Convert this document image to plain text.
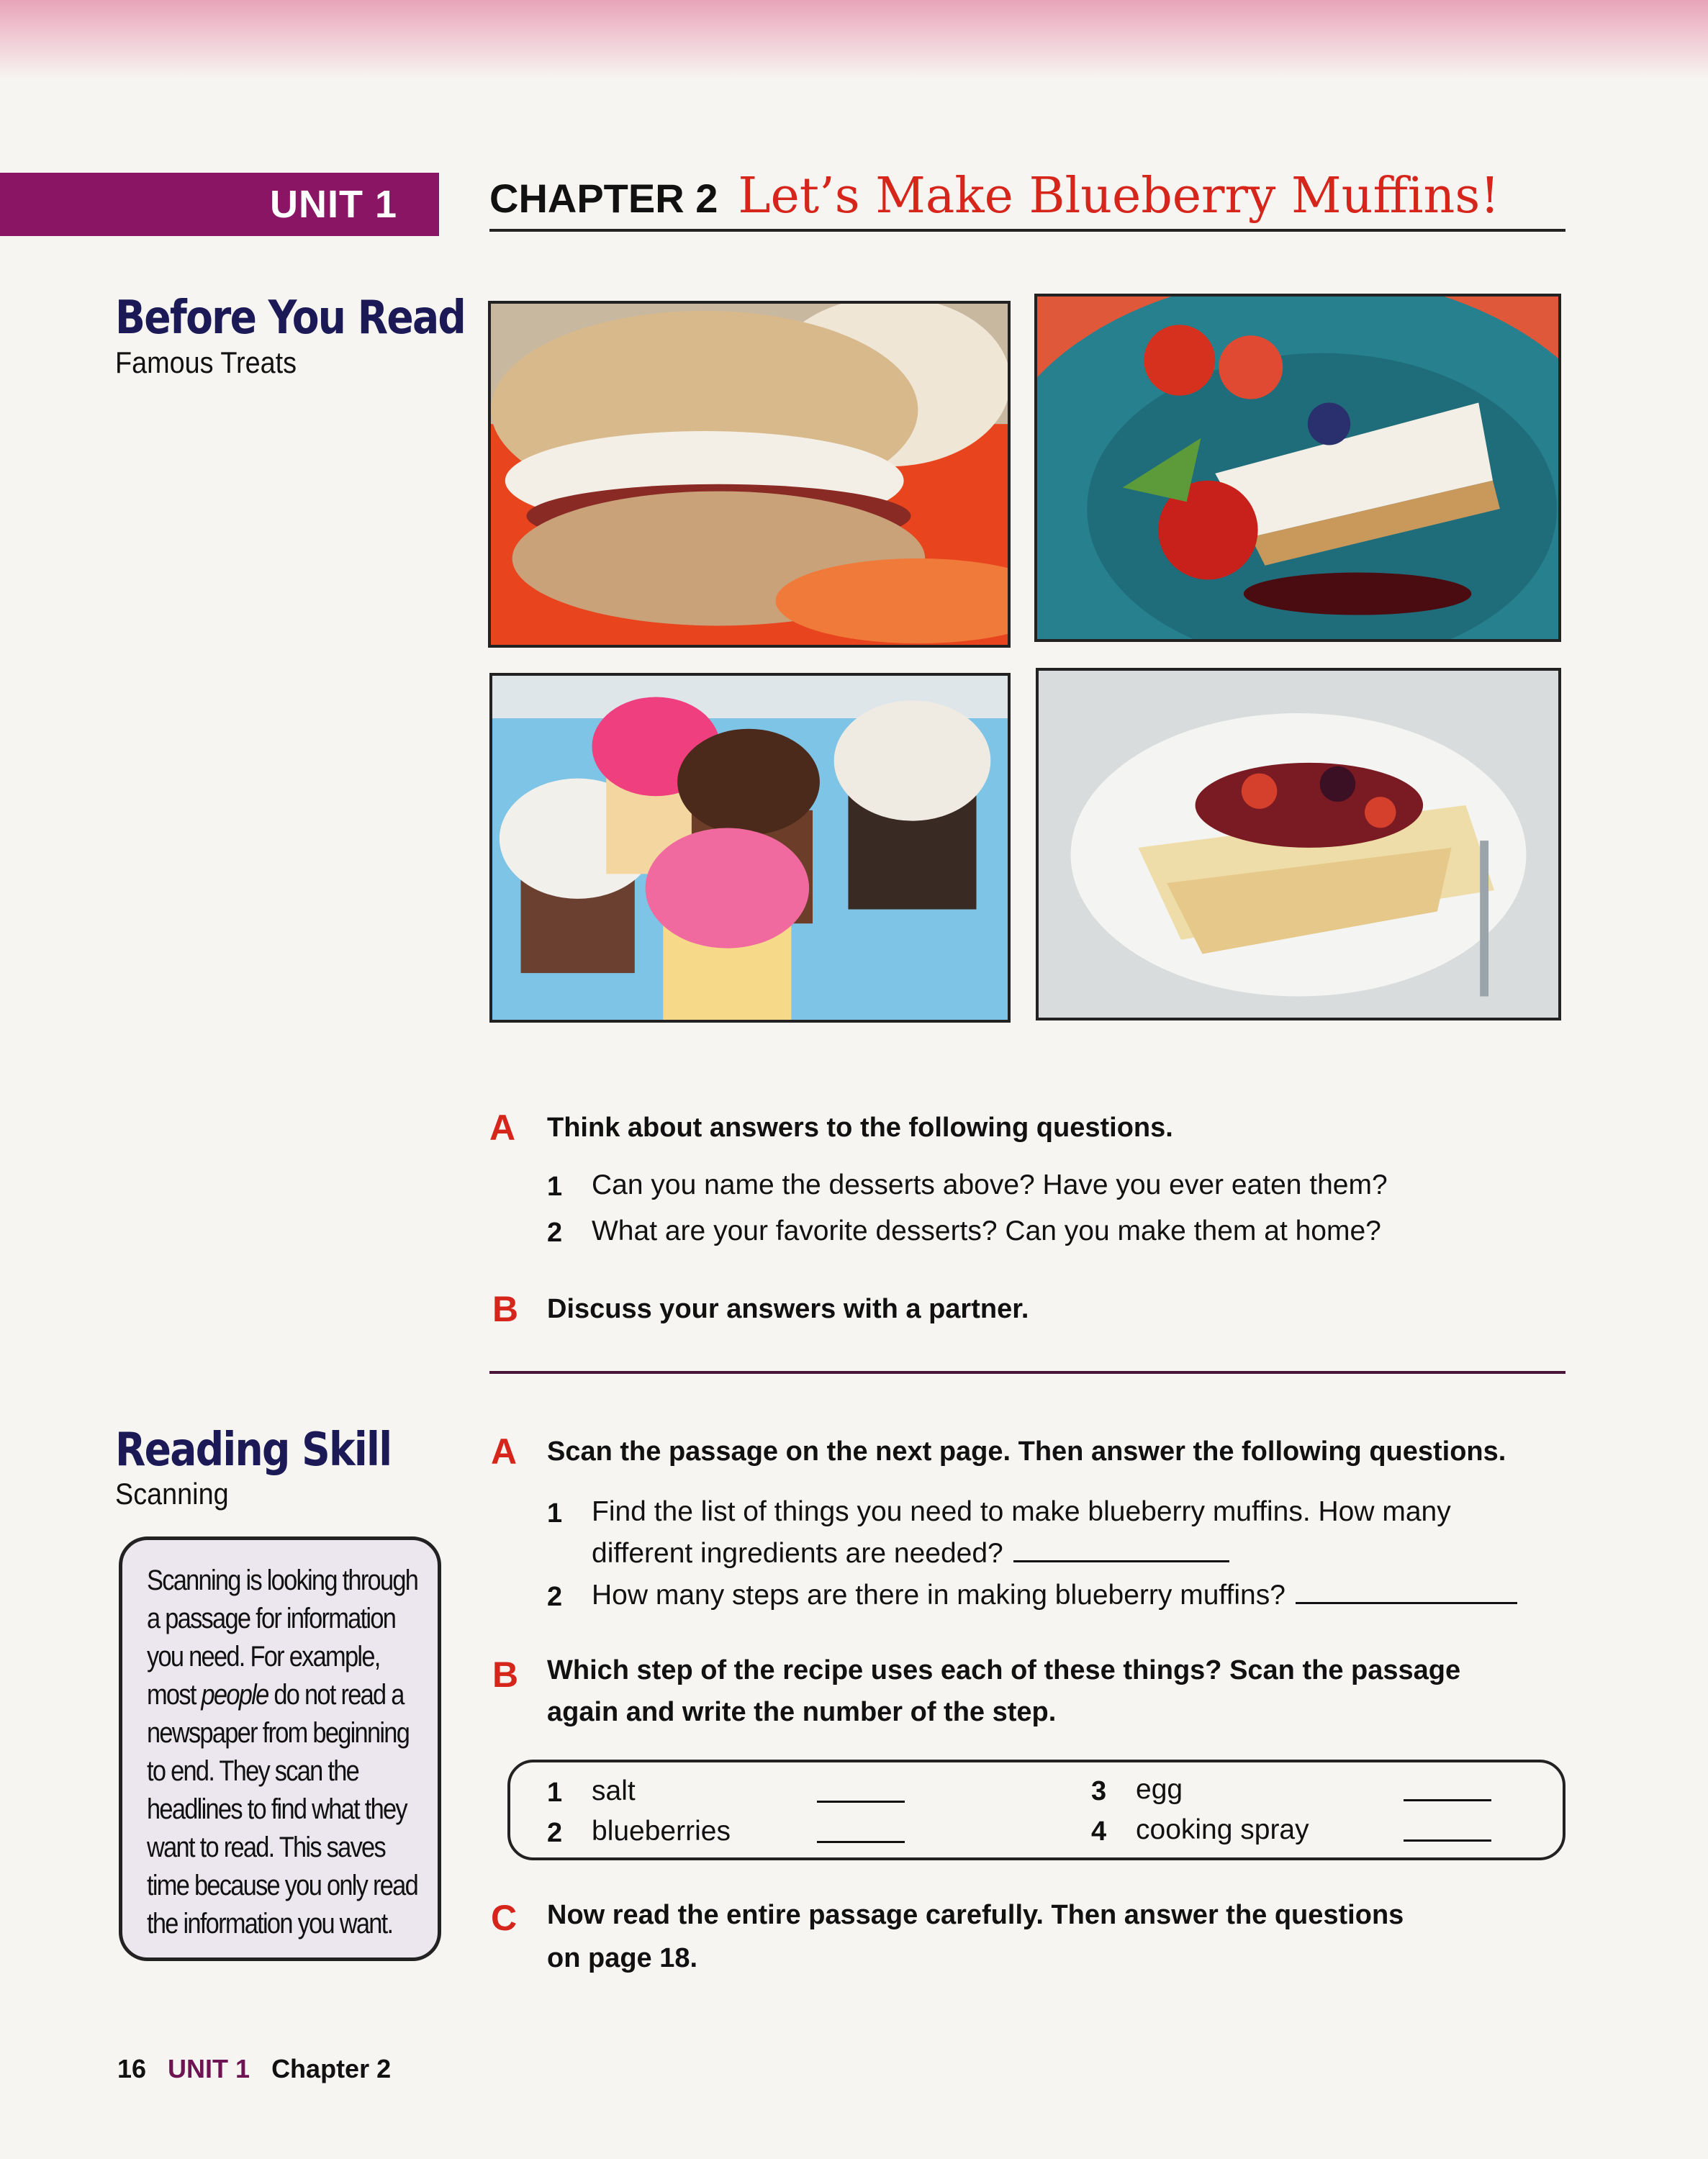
UNIT 1 CHAPTER 2 Let’s Make Blueberry Muffins!
Before You Read
Famous Treats
A Think about answers to the following questions.
1 Can you name the desserts above? Have you ever eaten them?
2 What are your favorite desserts? Can you make them at home?
B Discuss your answers with a partner.
Reading Skill
Scanning
Scanning is looking through a passage for information you need. For example, most people do not read a newspaper from beginning to end. They scan the headlines to find what they want to read. This saves time because you only read the information you want.
A Scan the passage on the next page. Then answer the following questions.
1 Find the list of things you need to make blueberry muffins. How many
different ingredients are needed?
2 How many steps are there in making blueberry muffins?
B Which step of the recipe uses each of these things? Scan the passage
again and write the number of the step.
1 salt
2 blueberries
3 egg
4 cooking spray
C Now read the entire passage carefully. Then answer the questions
on page 18.
16 UNIT 1 Chapter 2
